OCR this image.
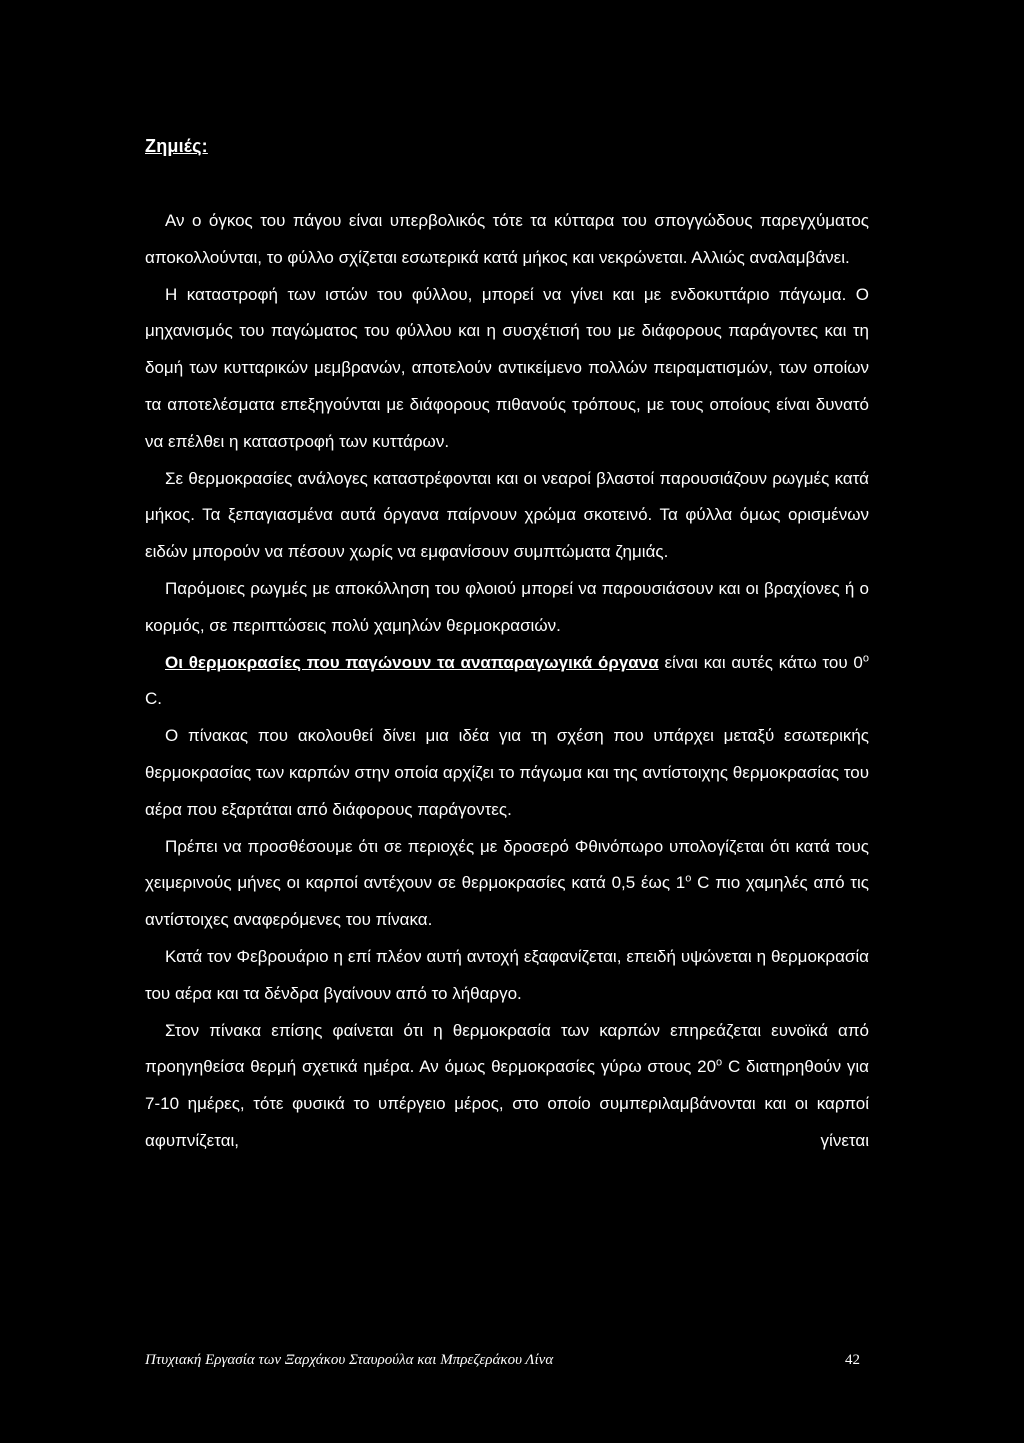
Ζημιές:

Αν ο όγκος του πάγου είναι υπερβολικός τότε τα κύτταρα του σπογγώδους παρεγχύματος αποκολλούνται, το φύλλο σχίζεται εσωτερικά κατά μήκος και νεκρώνεται. Αλλιώς αναλαμβάνει.

Η καταστροφή των ιστών του φύλλου, μπορεί να γίνει και με ενδοκυττάριο πάγωμα. Ο μηχανισμός του παγώματος του φύλλου και η συσχέτισή του με διάφορους παράγοντες και τη δομή των κυτταρικών μεμβρανών, αποτελούν αντικείμενο πολλών πειραματισμών, των οποίων τα αποτελέσματα επεξηγούνται με διάφορους πιθανούς τρόπους, με τους οποίους είναι δυνατό να επέλθει η καταστροφή των κυττάρων.

Σε θερμοκρασίες ανάλογες καταστρέφονται και οι νεαροί βλαστοί παρουσιάζουν ρωγμές κατά μήκος. Τα ξεπαγιασμένα αυτά όργανα παίρνουν χρώμα σκοτεινό. Τα φύλλα όμως ορισμένων ειδών μπορούν να πέσουν χωρίς να εμφανίσουν συμπτώματα ζημιάς.

Παρόμοιες ρωγμές με αποκόλληση του φλοιού μπορεί να παρουσιάσουν και οι βραχίονες ή ο κορμός, σε περιπτώσεις πολύ χαμηλών θερμοκρασιών.

Οι θερμοκρασίες που παγώνουν τα αναπαραγωγικά όργανα είναι και αυτές κάτω του 0$^o$ C.

Ο πίνακας που ακολουθεί δίνει μια ιδέα για τη σχέση που υπάρχει μεταξύ εσωτερικής θερμοκρασίας των καρπών στην οποία αρχίζει το πάγωμα και της αντίστοιχης θερμοκρασίας του αέρα που εξαρτάται από διάφορους παράγοντες.

Πρέπει να προσθέσουμε ότι σε περιοχές με δροσερό Φθινόπωρο υπολογίζεται ότι κατά τους χειμερινούς μήνες οι καρποί αντέχουν σε θερμοκρασίες κατά 0,5 έως 1$^o$ C πιο χαμηλές από τις αντίστοιχες αναφερόμενες του πίνακα.

Κατά τον Φεβρουάριο η επί πλέον αυτή αντοχή εξαφανίζεται, επειδή υψώνεται η θερμοκρασία του αέρα και τα δένδρα βγαίνουν από το λήθαργο.

Στον πίνακα επίσης φαίνεται ότι η θερμοκρασία των καρπών επηρεάζεται ευνοϊκά από προηγηθείσα θερμή σχετικά ημέρα. Αν όμως θερμοκρασίες γύρω στους 20$^o$ C διατηρηθούν για 7-10 ημέρες, τότε φυσικά το υπέργειο μέρος, στο οποίο συμπεριλαμβάνονται και οι καρποί αφυπνίζεται, γίνεται

Πτυχιακή Εργασία των Ξαρχάκου Σταυρούλα και Μπρεζεράκου Λίνα	42
